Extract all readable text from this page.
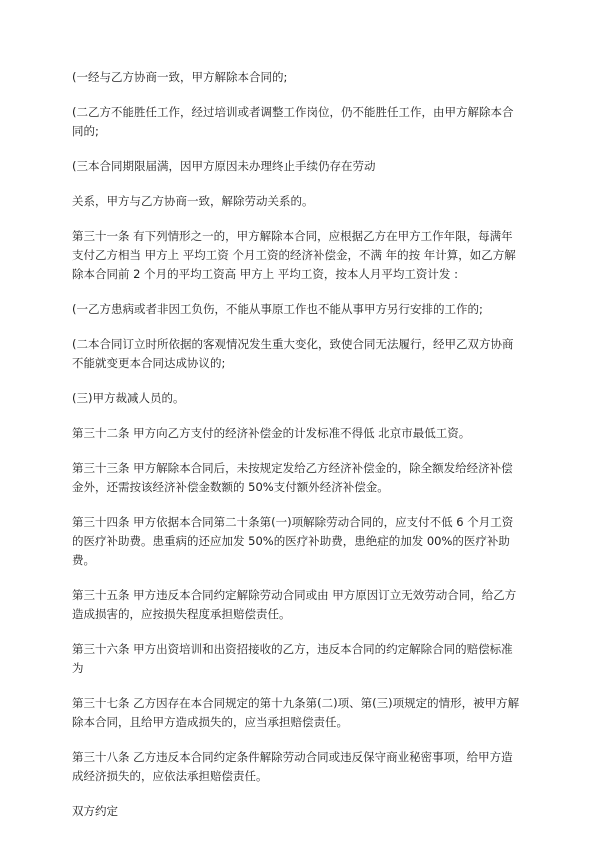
(一经与乙方协商一致，甲方解除本合同的;

(二乙方不能胜任工作，经过培训或者调整工作岗位，仍不能胜任工作，由甲方解除本合同的;

(三本合同期限届满，因甲方原因未办理终止手续仍存在劳动

关系，甲方与乙方协商一致，解除劳动关系的。

第三十一条 有下列情形之一的，甲方解除本合同，应根据乙方在甲方工作年限，每满年支付乙方相当 甲方上 平均工资 个月工资的经济补偿金，不满 年的按 年计算，如乙方解除本合同前 2 个月的平均工资高 甲方上 平均工资，按本人月平均工资计发 :

(一乙方患病或者非因工负伤，不能从事原工作也不能从事甲方另行安排的工作的;

(二本合同订立时所依据的客观情况发生重大变化，致使合同无法履行，经甲乙双方协商不能就变更本合同达成协议的;

(三)甲方裁减人员的。

第三十二条 甲方向乙方支付的经济补偿金的计发标准不得低 北京市最低工资。

第三十三条 甲方解除本合同后，未按规定发给乙方经济补偿金的，除全额发给经济补偿金外，还需按该经济补偿金数额的 50%支付额外经济补偿金。

第三十四条 甲方依据本合同第二十条第(一)项解除劳动合同的，应支付不低 6 个月工资的医疗补助费。患重病的还应加发 50%的医疗补助费，患绝症的加发 00%的医疗补助费。

第三十五条 甲方违反本合同约定解除劳动合同或由 甲方原因订立无效劳动合同，给乙方造成损害的，应按损失程度承担赔偿责任。

第三十六条 甲方出资培训和出资招接收的乙方，违反本合同的约定解除合同的赔偿标准为

第三十七条 乙方因存在本合同规定的第十九条第(二)项、第(三)项规定的情形，被甲方解除本合同，且给甲方造成损失的，应当承担赔偿责任。

第三十八条 乙方违反本合同约定条件解除劳动合同或违反保守商业秘密事项，给甲方造成经济损失的，应依法承担赔偿责任。

双方约定
